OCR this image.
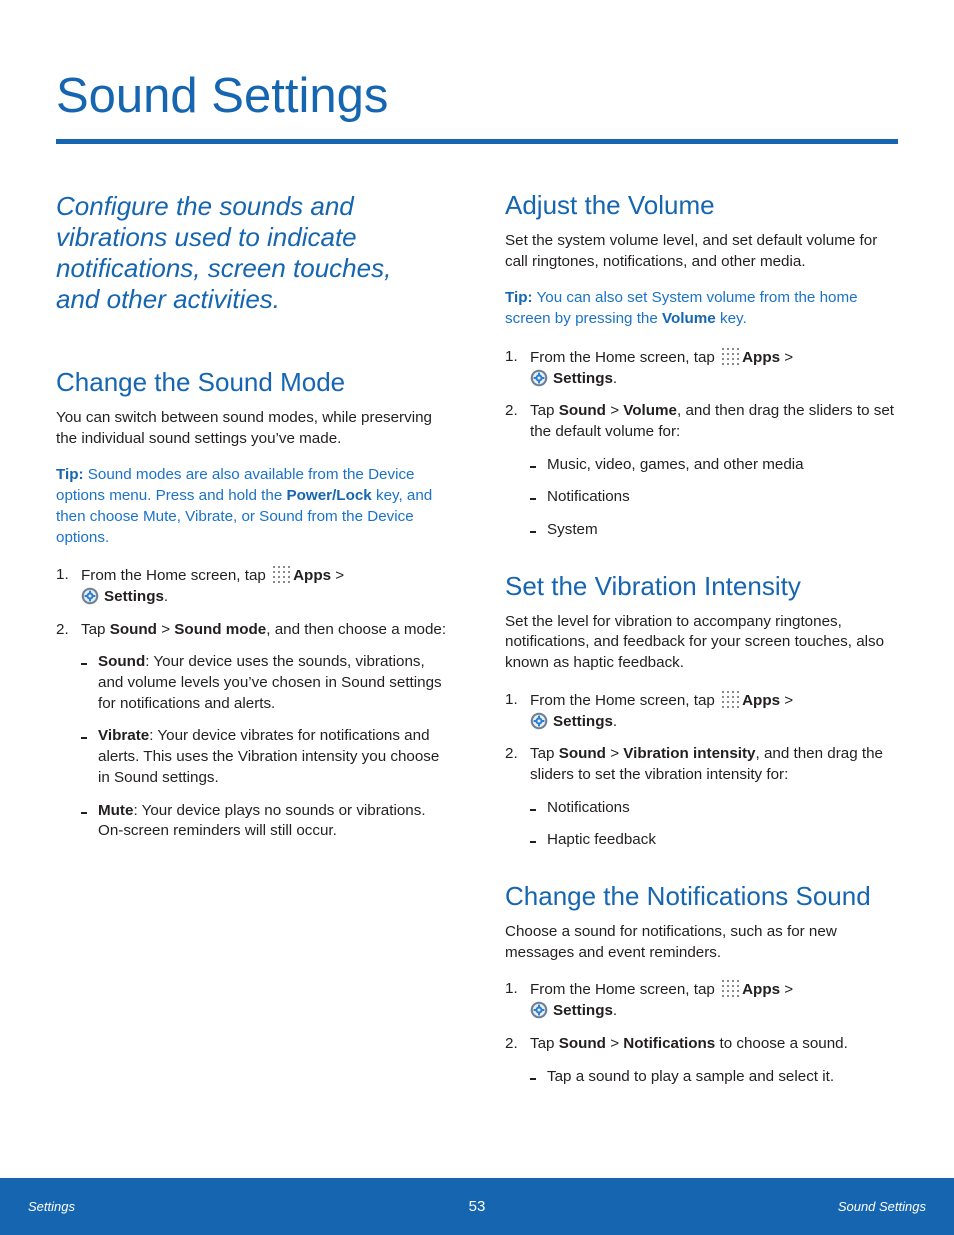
Sound Settings

Configure the sounds and vibrations used to indicate notifications, screen touches, and other activities.

Change the Sound Mode

You can switch between sound modes, while preserving the individual sound settings you’ve made.

Tip: Sound modes are also available from the Device options menu. Press and hold the Power/Lock key, and then choose Mute, Vibrate, or Sound from the Device options.

1. From the Home screen, tap Apps >
Settings.
2. Tap Sound > Sound mode, and then choose a mode:
Sound: Your device uses the sounds, vibrations, and volume levels you’ve chosen in Sound settings for notifications and alerts.
Vibrate: Your device vibrates for notifications and alerts. This uses the Vibration intensity you choose in Sound settings.
Mute: Your device plays no sounds or vibrations. On-screen reminders will still occur.
Adjust the Volume

Set the system volume level, and set default volume for call ringtones, notifications, and other media.

Tip: You can also set System volume from the home screen by pressing the Volume key.

1. From the Home screen, tap Apps >
Settings.
2. Tap Sound > Volume, and then drag the sliders to set the default volume for:
Music, video, games, and other media
Notifications
System
Set the Vibration Intensity

Set the level for vibration to accompany ringtones, notifications, and feedback for your screen touches, also known as haptic feedback.

1. From the Home screen, tap Apps >
Settings.
2. Tap Sound > Vibration intensity, and then drag the sliders to set the vibration intensity for:
Notifications
Haptic feedback
Change the Notifications Sound

Choose a sound for notifications, such as for new messages and event reminders.

1. From the Home screen, tap Apps >
Settings.
2. Tap Sound > Notifications to choose a sound.
Tap a sound to play a sample and select it.
Settings	53	Sound Settings
